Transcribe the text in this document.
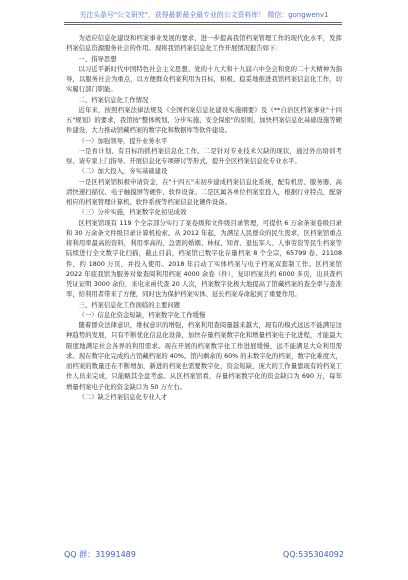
关注头条号"公文研究"，获得最新最全最专业的公文资料库！ 微信：gongwenv1

为适应信息化建设和档案事业发展的要求，进一步提高我馆档案管理工作的现代化水平，发挥档案信息资源服务社会的作用。现将我馆档案信息化工作开展情况报告如下：

一、指导思想

以习近平新时代中国特色社会主义思想、党的十九大和十九届六中全会和党的二十大精神为指导，以服务社会为重点，以方便群众档案利用为目标，积极、稳妥地推进我馆档案信息化工作，切实履行部门职能。

二、档案信息化工作情况

近年来，按照档案法律法规及《全国档案信息化建设实施纲要》及《**自治区档案事业"十四五"规划》的要求，我馆按"整体规划、分步实施、安全保密"的原则，加快档案信息化基础设施等硬件建设，大力推动馆藏档案的数字化和数据库等软件建设。

（一）加强领导，提升业务水平

一是育计划、有目标的抓档案信息化工作。二是针对专业技术欠缺的现状，通过外出培训考察、请专家上门指导、开展信息化专项研讨等形式，提升全区档案信息化专业水平。

（二）加大投入，夯实基础建设

一是区档案馆积极申请资金，在"十四五"末初步建成档案信息化系统，配有机房、服务器、高清快速扫描仪、电子触摸屏等硬件、软件设备。二是区属各单位档案室投入，根据行业特点，配备相应的档案管理计算机、软件系统等档案信息化硬件设备。

（三）分步实施，档案数字化初见成效

区档案馆现有 119 个全宗部分实行了案卷级和文件级目录管理，可提供 6 万余条案卷级目录和 30 万余条文件级目录计算机检索。从 2012 年起，为满足人民群众的民生需求，区档案馆重点将利用率最高的资料，利用率高的、急需的婚姻、林权、知青、退伍军人、人事劳资等民生档案等陆续进行全文数字化扫描，截止目前，档案馆已数字化存量档案 8 个全宗，65799 卷、21108 件，约 1800 万页，并投入使用。2018 年启动了实体档案与电子档案双套制工作。区档案馆 2022 年底我馆为服务对象查阅利用档案 4000 余卷（件），复印档案共约 6000 多页，出具查档凭证证明 3000 余份，来电来函代查 20 人次，档案数字化极大地提高了馆藏档案的查全率与查准率，给利用者带来了方便，同时也为保护档案实体、延长档案寿命起到了重要作用。

三、档案信息化工作面临的主要问题

（一）信息化资金短缺，档案数字化工作缓慢

随着群众法律意识，维权意识的增强，档案利用查阅量越来越大，现有的模式远远不能满足这种趋势的发展，只有不断优化信息化设备，加快存量档案数字化和增量档案电子化进程，才能最大限度地满足社会各界的利用需求。现在开展的档案数字化工作进展缓慢，远不能满足大众利用需求。现在数字化完成约占馆藏档案的 40%。馆内剩余的 60% 的未数字化的档案，数字化难度大，而档案的数量还在不断增加，新进的档案也需要数字化，资金短缺，庞大的工作量靠现有的档案工作人员来完成，只能略其全盘考虑。从区档案馆看，存量档案数字化的资金缺口为 690 万，每年增量档案电子化的资金缺口为 50 万左右。

（二）缺乏档案信息化专业人才

QQ 群：31991489	QQ:535304092
